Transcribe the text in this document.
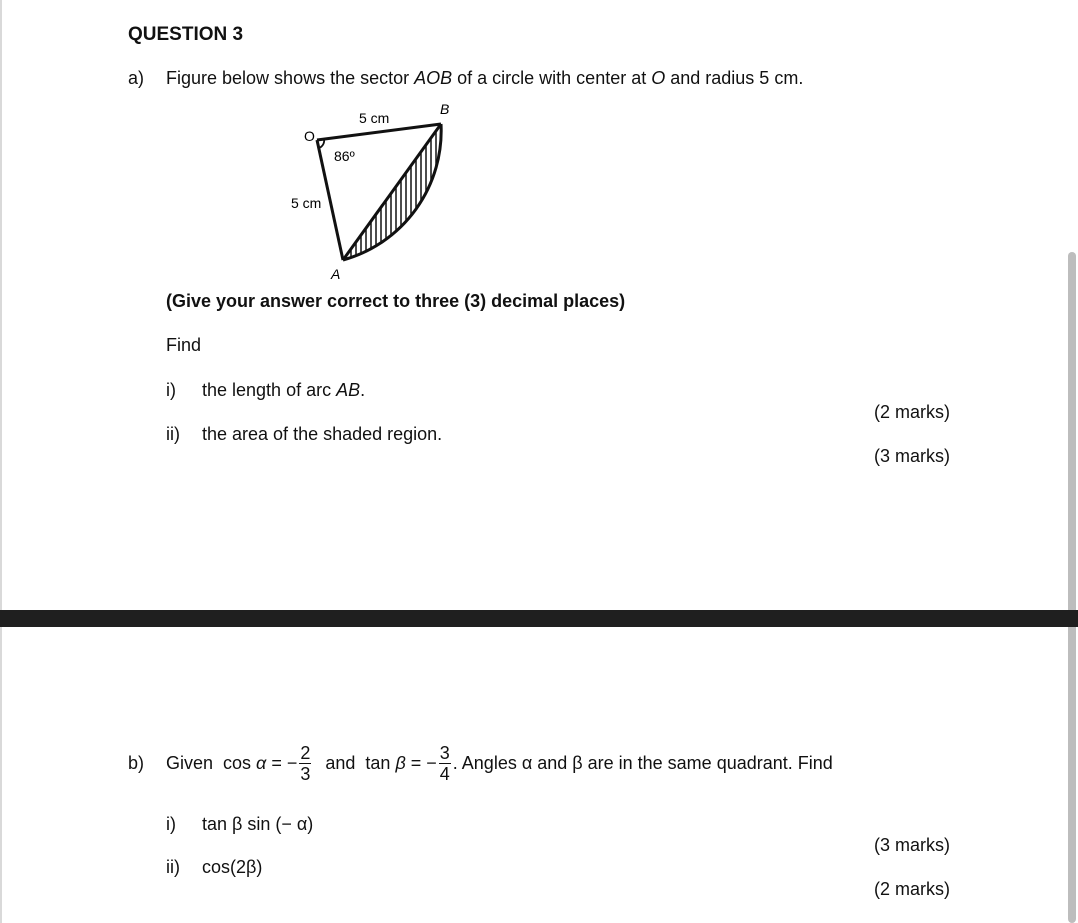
QUESTION 3
a) Figure below shows the sector AOB of a circle with center at O and radius 5 cm.
O
B
A
5 cm
5 cm
86º
(Give your answer correct to three (3) decimal places)
Find
i) the length of arc AB.
(2 marks)
ii) the area of the shaded region.
(3 marks)
b) Given cos α = − $\frac{2}{3}$ and tan β = − $\frac{3}{4}$ . Angles α and β are in the same quadrant. Find
i) tan β sin (− α)
(3 marks)
ii) cos(2β)
(2 marks)
